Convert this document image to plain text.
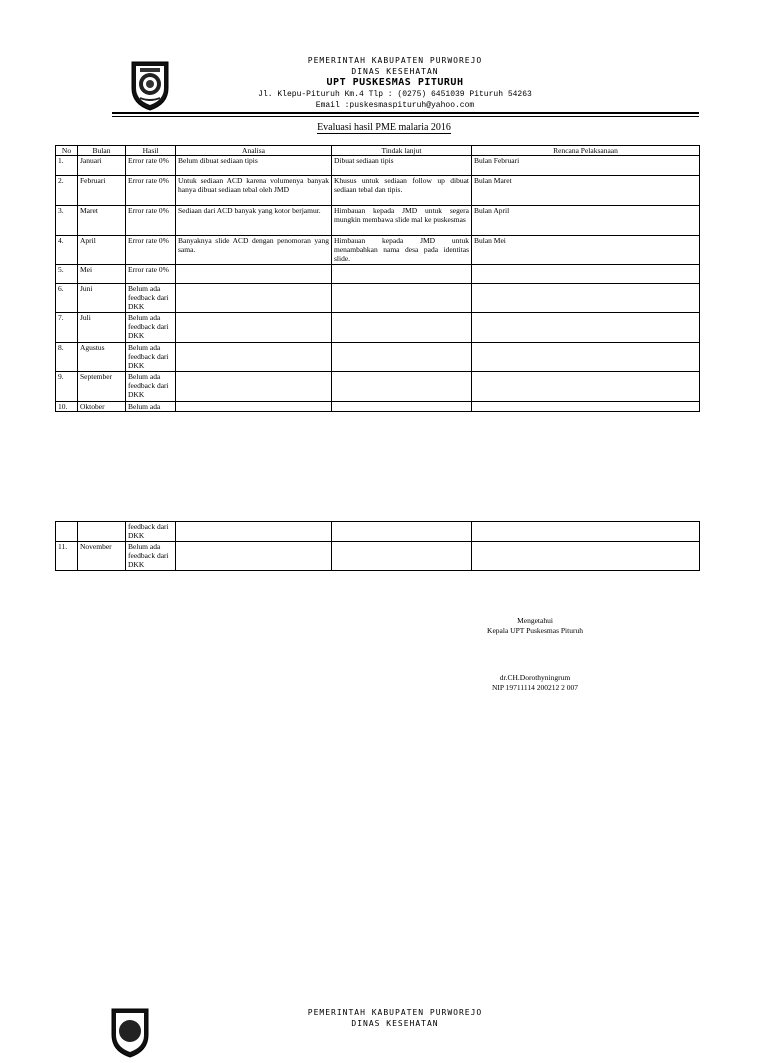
PEMERINTAH KABUPATEN PURWOREJO
DINAS KESEHATAN
UPT PUSKESMAS PITURUH
Jl. Klepu-Pituruh Km.4 Tlp : (0275) 6451039 Pituruh 54263
Email :puskesmaspituruh@yahoo.com
Evaluasi hasil PME malaria 2016
No	Bulan	Hasil	Analisa	Tindak lanjut	Rencana Pelaksanaan
1.	Januari	Error rate 0%	Belum dibuat sediaan tipis	Dibuat sediaan tipis	Bulan Februari
2.	Februari	Error rate 0%	Untuk sediaan ACD karena volumenya banyak hanya dibuat sediaan tebal oleh JMD	Khusus untuk sediaan follow up dibuat sediaan tebal dan tipis.	Bulan Maret
3.	Maret	Error rate 0%	Sediaan dari ACD banyak yang kotor berjamur.	Himbauan kepada JMD untuk segera mungkin membawa slide mal ke puskesmas	Bulan April
4.	April	Error rate 0%	Banyaknya slide ACD dengan penomoran yang sama.	Himbauan kepada JMD untuk menambahkan nama desa pada identitas slide.	Bulan Mei
5.	Mei	Error rate 0%			
6.	Juni	Belum ada feedback dari DKK			
7.	Juli	Belum ada feedback dari DKK			
8.	Agustus	Belum ada feedback dari DKK			
9.	September	Belum ada feedback dari DKK			
10.	Oktober	Belum ada			
		feedback dari DKK			
11.	November	Belum ada feedback dari DKK			
Mengetahui
Kepala UPT Puskesmas Pituruh
dr.CH.Dorothyningrum
NIP 19711114 200212 2 007
PEMERINTAH KABUPATEN PURWOREJO
DINAS KESEHATAN
